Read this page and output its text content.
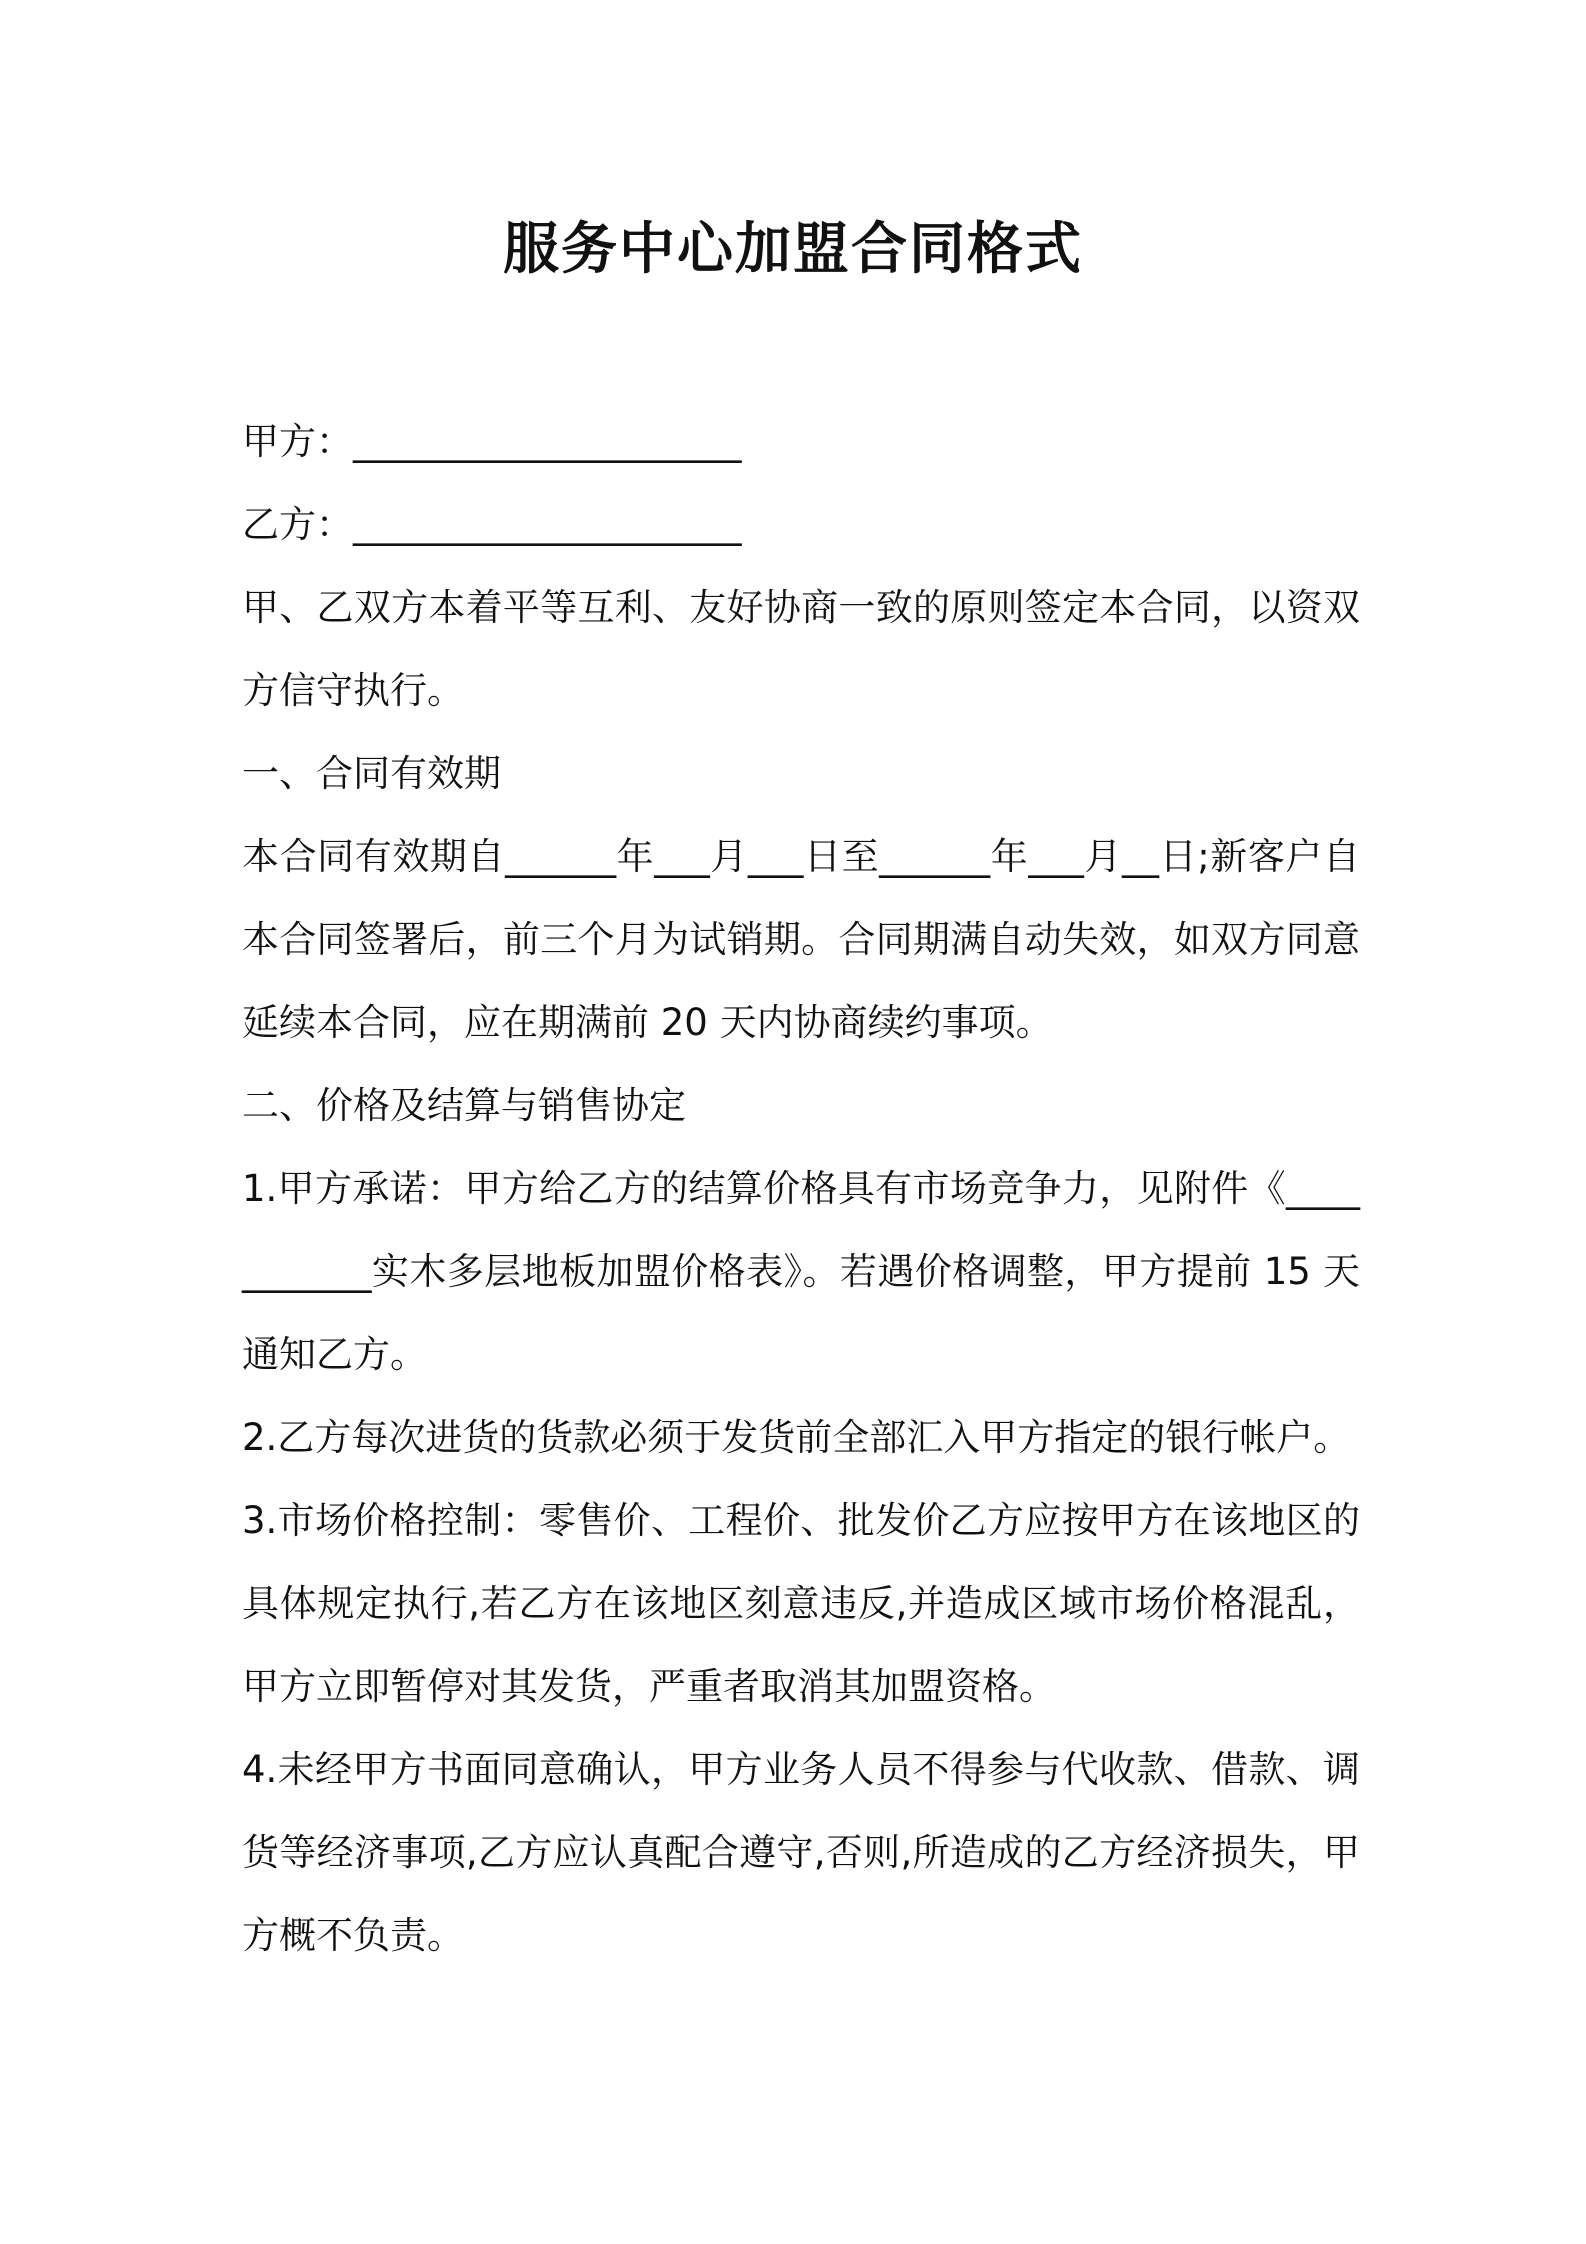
服务中心加盟合同格式

甲方：_____________________

乙方：_____________________

甲、乙双方本着平等互利、友好协商一致的原则签定本合同，以资双方信守执行。

一、合同有效期

本合同有效期自______年___月___日至______年___月__日;新客户自本合同签署后，前三个月为试销期。合同期满自动失效，如双方同意延续本合同，应在期满前 20 天内协商续约事项。

二、价格及结算与销售协定

1.甲方承诺：甲方给乙方的结算价格具有市场竞争力，见附件《___________实木多层地板加盟价格表》。若遇价格调整，甲方提前 15 天通知乙方。

2.乙方每次进货的货款必须于发货前全部汇入甲方指定的银行帐户。

3.市场价格控制：零售价、工程价、批发价乙方应按甲方在该地区的具体规定执行,若乙方在该地区刻意违反,并造成区域市场价格混乱，甲方立即暂停对其发货，严重者取消其加盟资格。

4.未经甲方书面同意确认，甲方业务人员不得参与代收款、借款、调货等经济事项,乙方应认真配合遵守,否则,所造成的乙方经济损失，甲方概不负责。
